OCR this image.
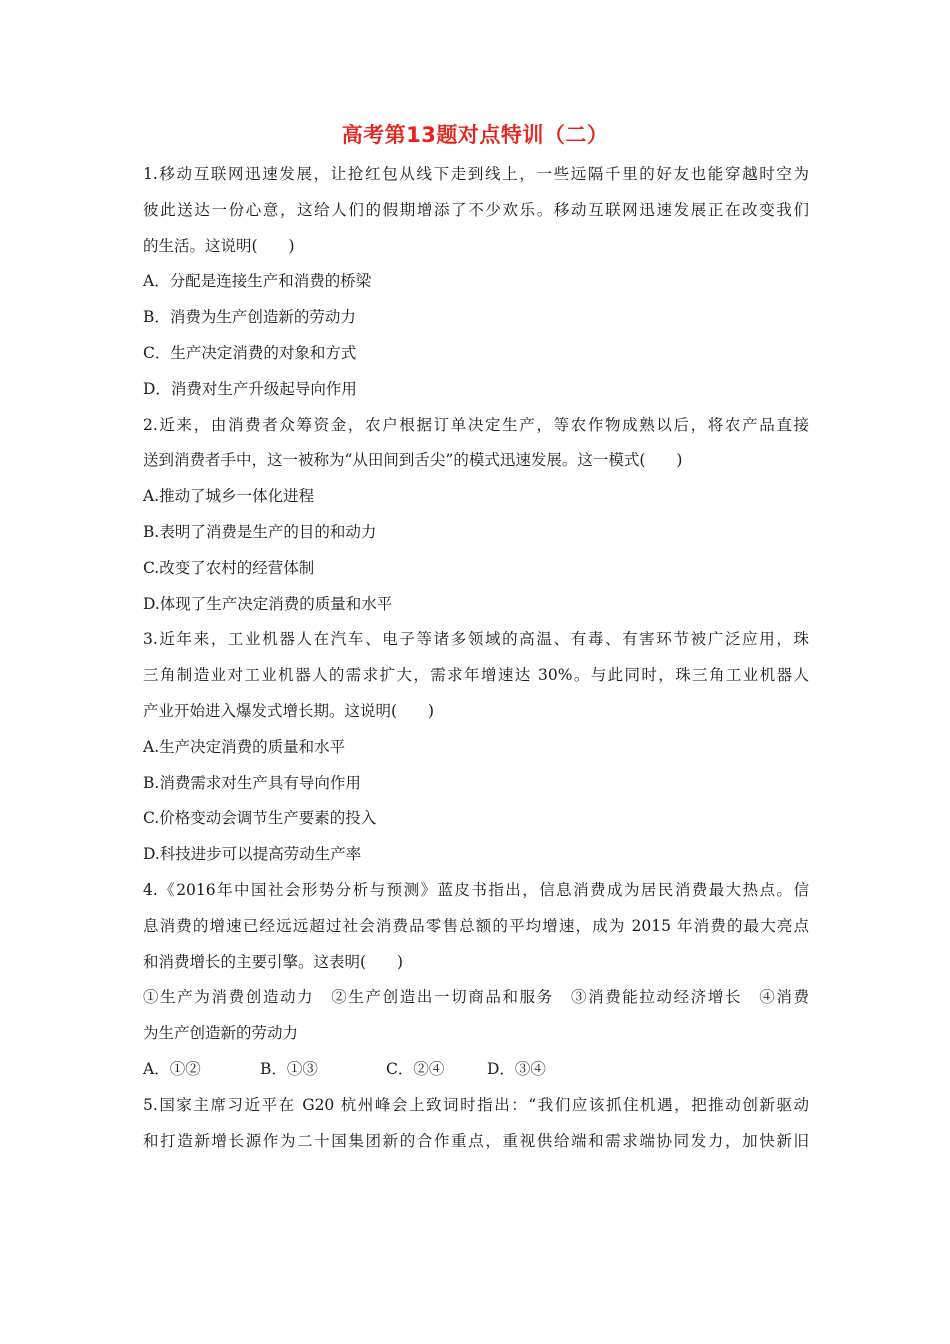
高考第13题对点特训（二）
1.移动互联网迅速发展，让抢红包从线下走到线上，一些远隔千里的好友也能穿越时空为
彼此送达一份心意，这给人们的假期增添了不少欢乐。移动互联网迅速发展正在改变我们
的生活。这说明(　　)
A．分配是连接生产和消费的桥梁
B．消费为生产创造新的劳动力
C．生产决定消费的对象和方式
D．消费对生产升级起导向作用
2.近来，由消费者众筹资金，农户根据订单决定生产，等农作物成熟以后，将农产品直接
送到消费者手中，这一被称为“从田间到舌尖”的模式迅速发展。这一模式(　　)
A.推动了城乡一体化进程
B.表明了消费是生产的目的和动力
C.改变了农村的经营体制
D.体现了生产决定消费的质量和水平
3.近年来，工业机器人在汽车、电子等诸多领域的高温、有毒、有害环节被广泛应用，珠
三角制造业对工业机器人的需求扩大，需求年增速达 30%。与此同时，珠三角工业机器人
产业开始进入爆发式增长期。这说明(　　)
A.生产决定消费的质量和水平
B.消费需求对生产具有导向作用
C.价格变动会调节生产要素的投入
D.科技进步可以提高劳动生产率
4.《2016年中国社会形势分析与预测》蓝皮书指出，信息消费成为居民消费最大热点。信
息消费的增速已经远远超过社会消费品零售总额的平均增速，成为 2015 年消费的最大亮点
和消费增长的主要引擎。这表明(　　)
①生产为消费创造动力　②生产创造出一切商品和服务　③消费能拉动经济增长　④消费
为生产创造新的劳动力
A．①②	B．①③	C．②④	D．③④
5.国家主席习近平在 G20 杭州峰会上致词时指出：“我们应该抓住机遇，把推动创新驱动
和打造新增长源作为二十国集团新的合作重点，重视供给端和需求端协同发力，加快新旧
